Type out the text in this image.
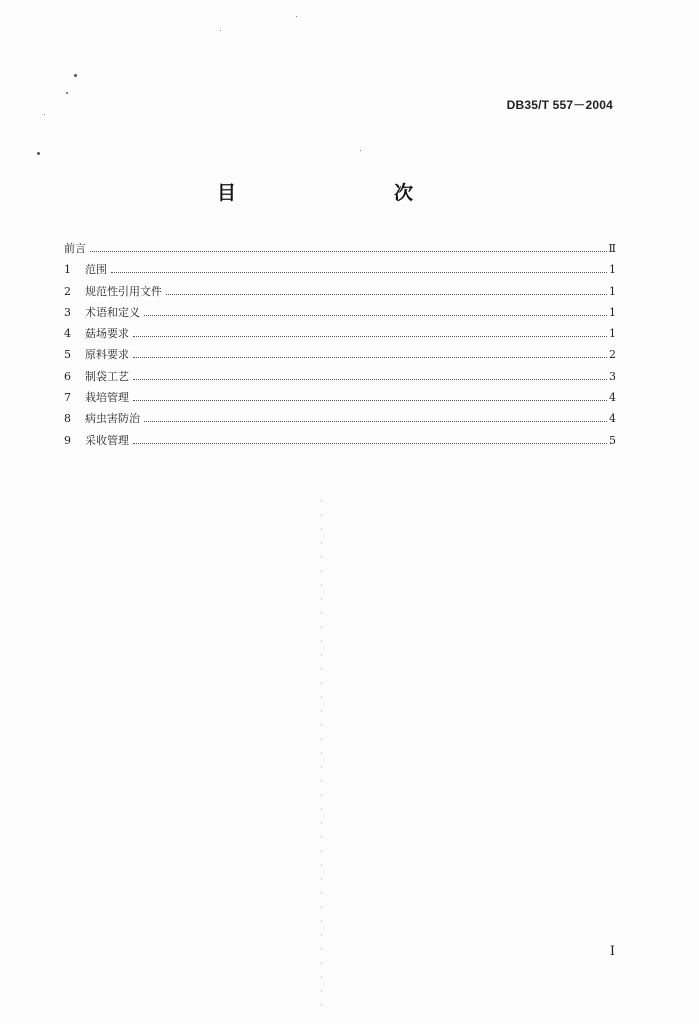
DB35/T 557－2004
目　　次
前言	Ⅱ
1	范围	1
2	规范性引用文件	1
3	术语和定义	1
4	菇场要求	1
5	原料要求	2
6	制袋工艺	3
7	栽培管理	4
8	病虫害防治	4
9	采收管理	5
I
